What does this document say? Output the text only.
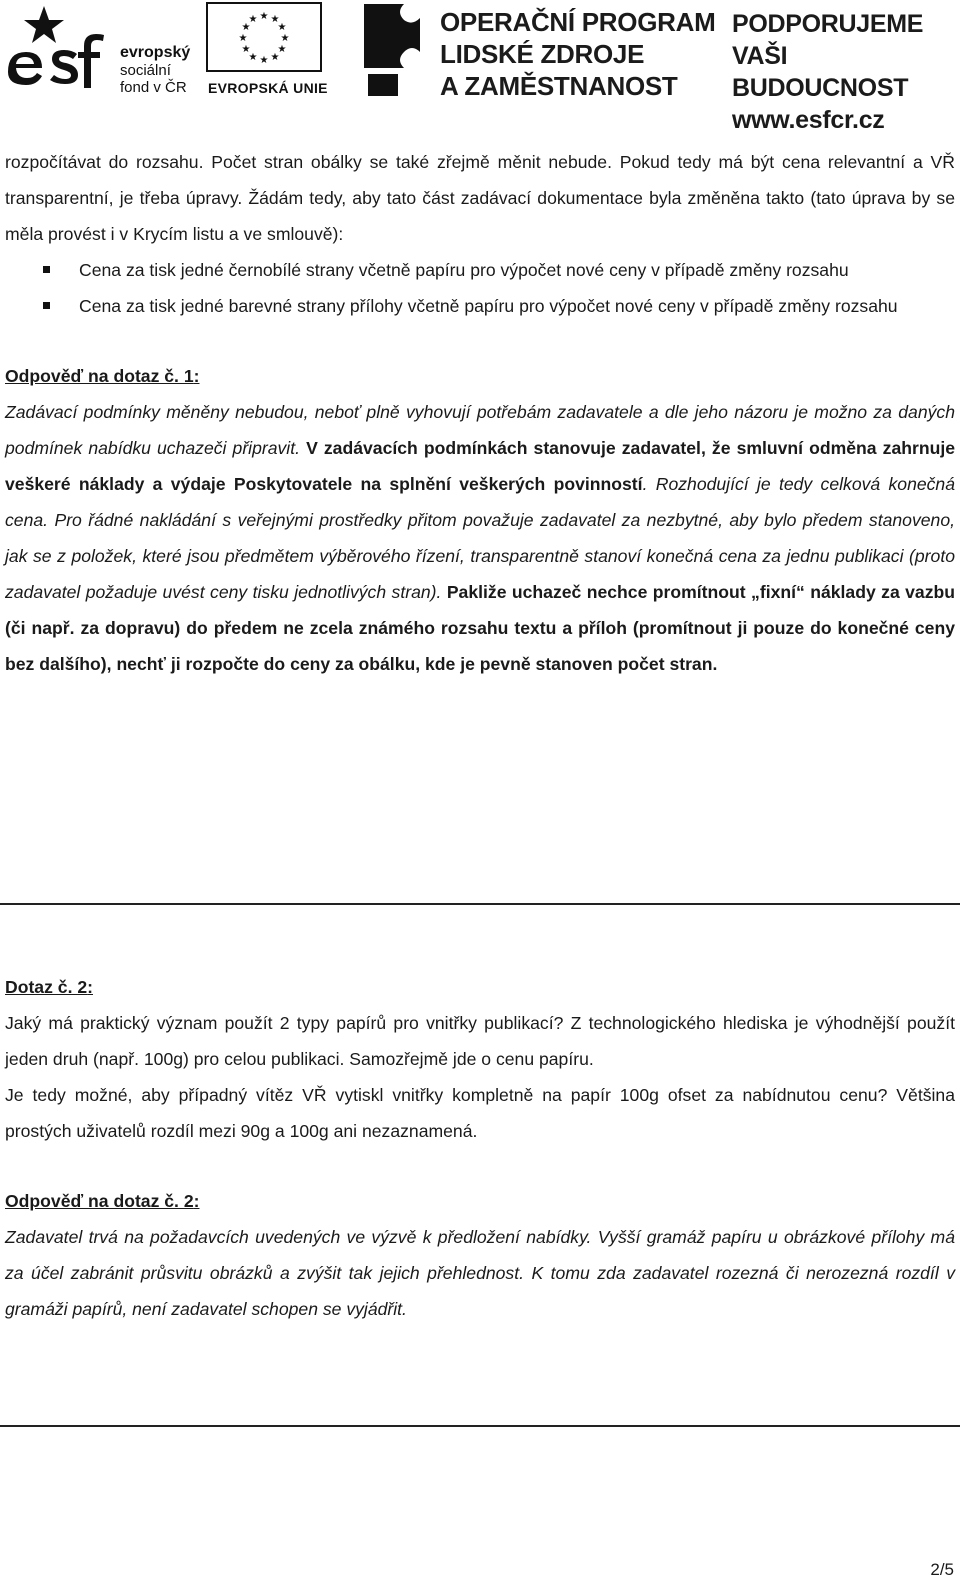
evropský
sociální
fond v ČR
★ ★
★
★
★
★
★
★
★
★
★
★
EVROPSKÁ UNIE
OPERAČNÍ PROGRAM
LIDSKÉ ZDROJE
A ZAMĚSTNANOST
PODPORUJEME
VAŠI BUDOUCNOST
www.esfcr.cz

rozpočítávat do rozsahu. Počet stran obálky se také zřejmě měnit nebude. Pokud tedy má být cena relevantní a VŘ transparentní, je třeba úpravy. Žádám tedy, aby tato část zadávací dokumentace byla změněna takto (tato úprava by se měla provést i v Krycím listu a ve smlouvě):

Cena za tisk jedné černobílé strany včetně papíru pro výpočet nové ceny v případě změny rozsahu
Cena za tisk jedné barevné strany přílohy včetně papíru pro výpočet nové ceny v případě změny rozsahu

Odpověď na dotaz č. 1:

Zadávací podmínky měněny nebudou, neboť plně vyhovují potřebám zadavatele a dle jeho názoru je možno za daných podmínek nabídku uchazeči připravit. V zadávacích podmínkách stanovuje zadavatel, že smluvní odměna zahrnuje veškeré náklady a výdaje Poskytovatele na splnění veškerých povinností. Rozhodující je tedy celková konečná cena. Pro řádné nakládání s veřejnými prostředky přitom považuje zadavatel za nezbytné, aby bylo předem stanoveno, jak se z položek, které jsou předmětem výběrového řízení, transparentně stanoví konečná cena za jednu publikaci (proto zadavatel požaduje uvést ceny tisku jednotlivých stran). Pakliže uchazeč nechce promítnout „fixní“ náklady za vazbu (či např. za dopravu) do předem ne zcela známého rozsahu textu a příloh (promítnout ji pouze do konečné ceny bez dalšího), nechť ji rozpočte do ceny za obálku, kde je pevně stanoven počet stran.

Dotaz č. 2:

Jaký má praktický význam použít 2 typy papírů pro vnitřky publikací? Z technologického hlediska je výhodnější použít jeden druh (např. 100g) pro celou publikaci. Samozřejmě jde o cenu papíru.

Je tedy možné, aby případný vítěz VŘ vytiskl vnitřky kompletně na papír 100g ofset za nabídnutou cenu? Většina prostých uživatelů rozdíl mezi 90g a 100g ani nezaznamená.

Odpověď na dotaz č. 2:

Zadavatel trvá na požadavcích uvedených ve výzvě k předložení nabídky. Vyšší gramáž papíru u obrázkové přílohy má za účel zabránit průsvitu obrázků a zvýšit tak jejich přehlednost. K tomu zda zadavatel rozezná či nerozezná rozdíl v gramáži papírů, není zadavatel schopen se vyjádřit.

2/5
